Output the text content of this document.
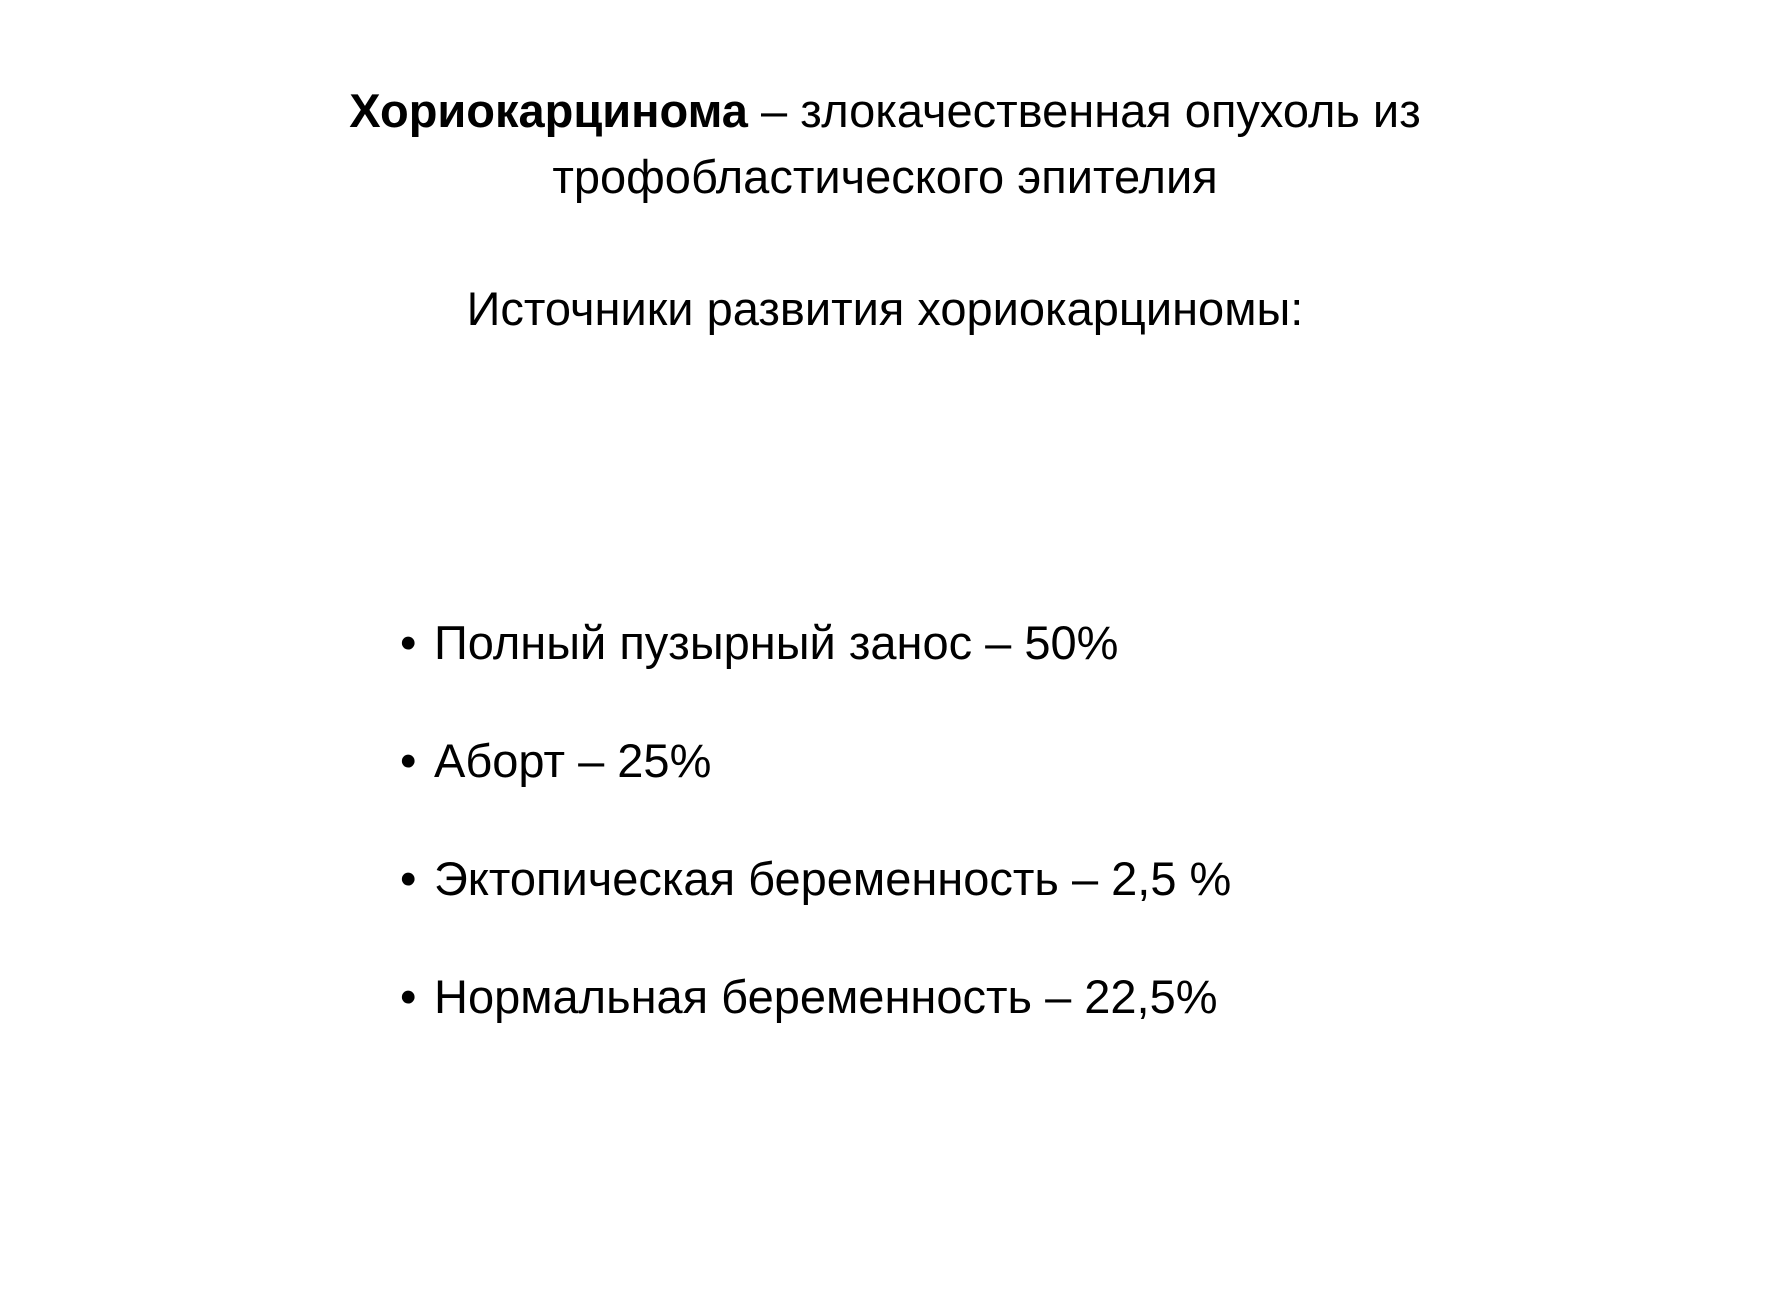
Хориокарцинома – злокачественная опухоль из
трофобластического эпителия
Источники развития хориокарциномы:
• Полный пузырный занос – 50%
• Аборт – 25%
• Эктопическая беременность – 2,5 %
• Нормальная беременность – 22,5%
